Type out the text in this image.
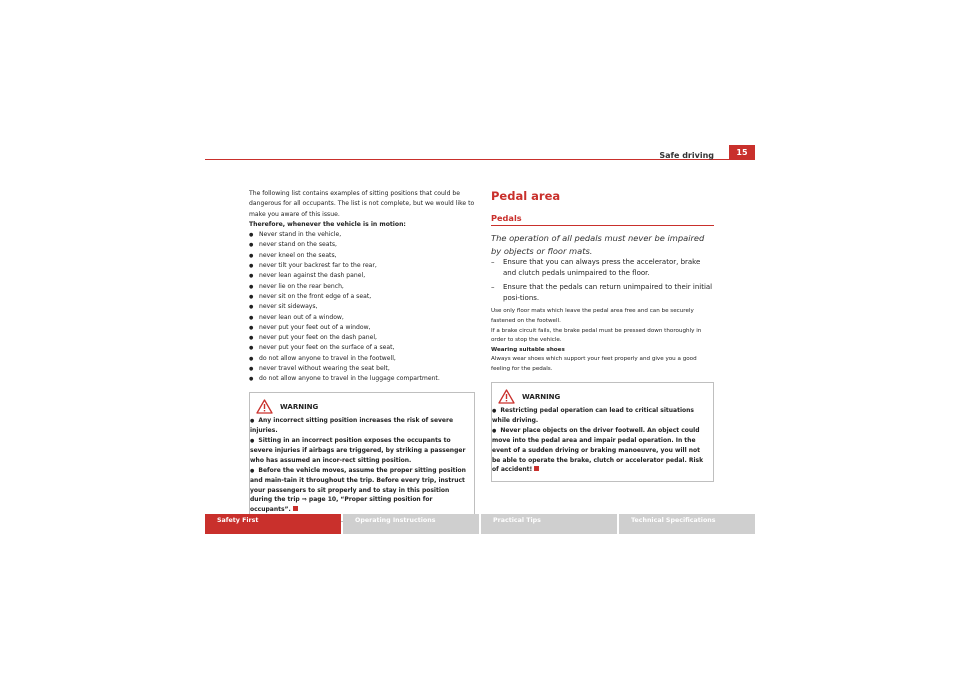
Safe driving	15

The following list contains examples of sitting positions that could be dangerous for all occupants. The list is not complete, but we would like to make you aware of this issue.

Therefore, whenever the vehicle is in motion:

● Never stand in the vehicle,
● never stand on the seats,
● never kneel on the seats,
● never tilt your backrest far to the rear,
● never lean against the dash panel,
● never lie on the rear bench,
● never sit on the front edge of a seat,
● never sit sideways,
● never lean out of a window,
● never put your feet out of a window,
● never put your feet on the dash panel,
● never put your feet on the surface of a seat,
● do not allow anyone to travel in the footwell,
● never travel without wearing the seat belt,
● do not allow anyone to travel in the luggage compartment.
WARNING
● Any incorrect sitting position increases the risk of severe injuries.
● Sitting in an incorrect position exposes the occupants to severe injuries if airbags are triggered, by striking a passenger who has assumed an incor-rect sitting position.
● Before the vehicle moves, assume the proper sitting position and main-tain it throughout the trip. Before every trip, instruct your passengers to sit properly and to stay in this position during the trip ⇒ page 10, “Proper sitting position for occupants”.
Pedal area
Pedals

The operation of all pedals must never be impaired by objects or floor mats.

– Ensure that you can always press the accelerator, brake and clutch pedals unimpaired to the floor.
– Ensure that the pedals can return unimpaired to their initial posi-tions.

Use only floor mats which leave the pedal area free and can be securely fastened on the footwell.

If a brake circuit fails, the brake pedal must be pressed down thoroughly in order to stop the vehicle.

Wearing suitable shoes

Always wear shoes which support your feet properly and give you a good feeling for the pedals.

WARNING
● Restricting pedal operation can lead to critical situations while driving.
● Never place objects on the driver footwell. An object could move into the pedal area and impair pedal operation. In the event of a sudden driving or braking manoeuvre, you will not be able to operate the brake, clutch or accelerator pedal. Risk of accident!
Safety First	Operating Instructions	Practical Tips	Technical Specifications
